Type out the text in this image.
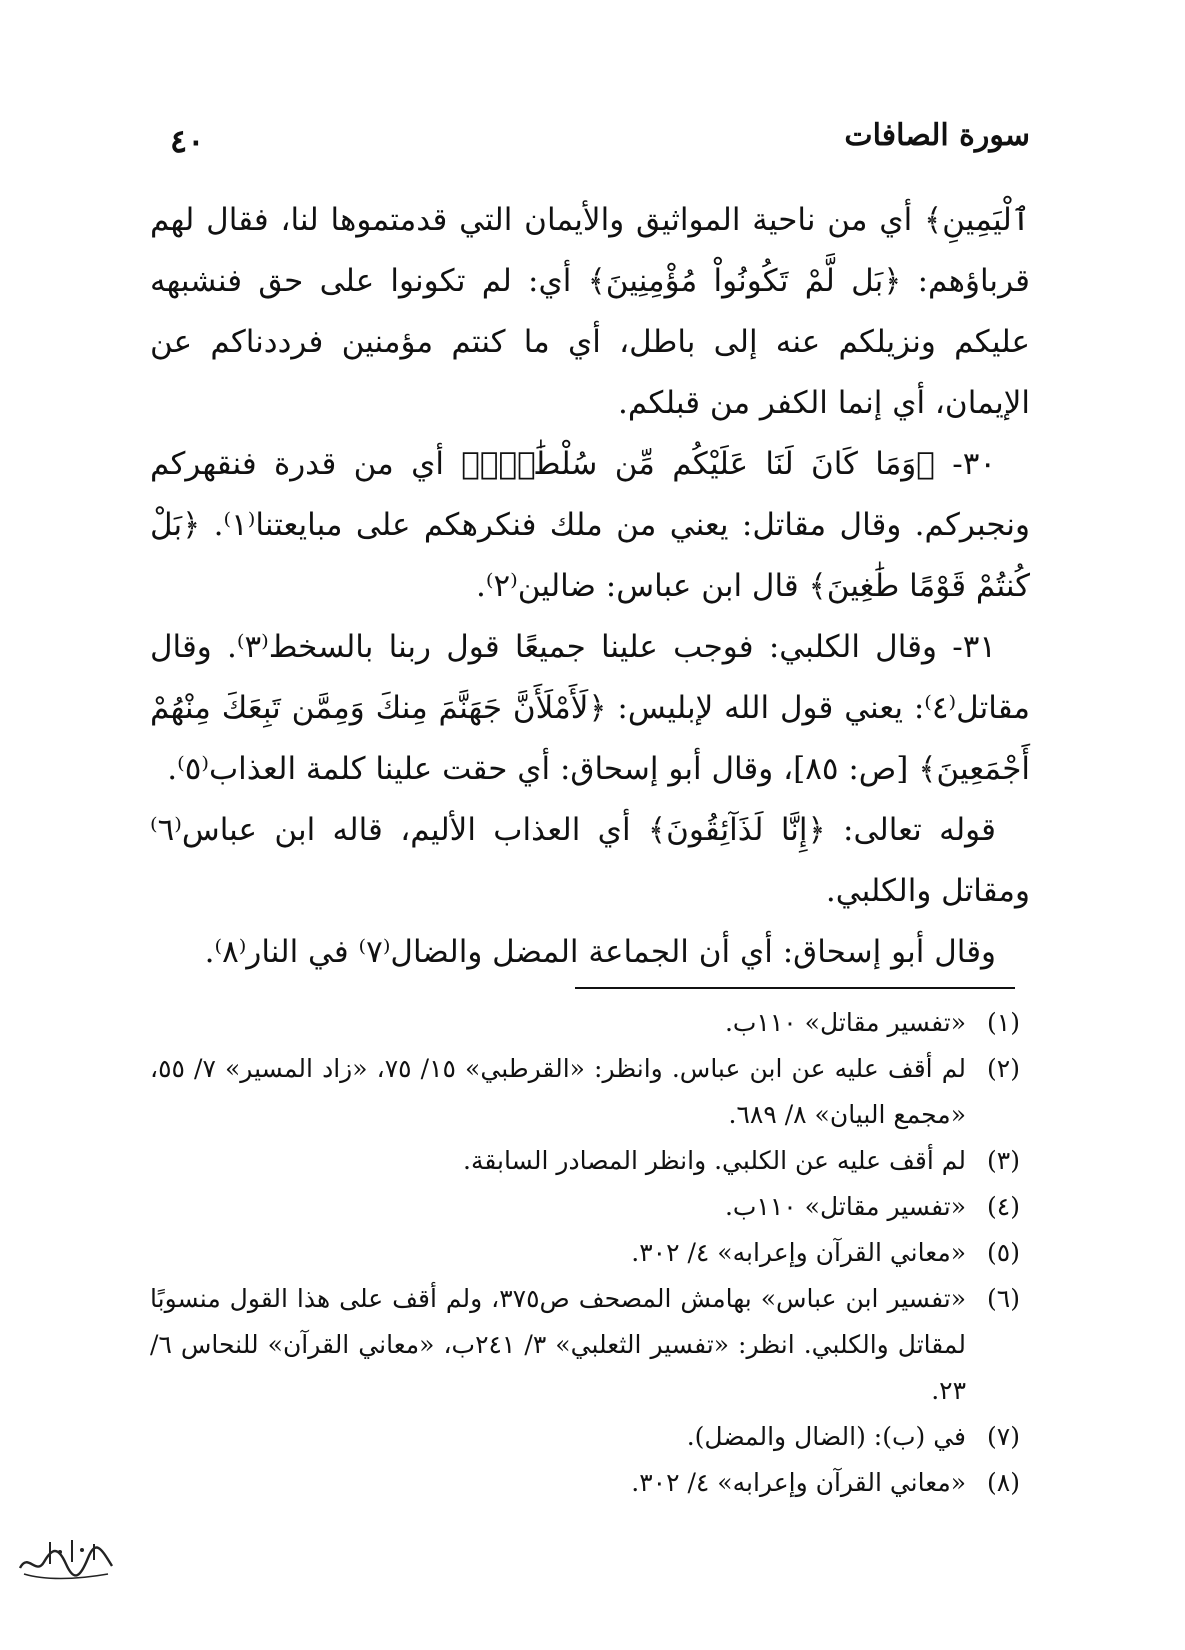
سورة الصافات
٤٠

ٱلْيَمِينِ﴾ أي من ناحية المواثيق والأيمان التي قدمتموها لنا، فقال لهم قرباؤهم: ﴿بَل لَّمْ تَكُونُواْ مُؤْمِنِينَ﴾ أي: لم تكونوا على حق فنشبهه عليكم ونزيلكم عنه إلى باطل، أي ما كنتم مؤمنين فرددناكم عن الإيمان، أي إنما الكفر من قبلكم.

٣٠- ﴿وَمَا كَانَ لَنَا عَلَيْكُم مِّن سُلْطَٰنٍۭ﴾ أي من قدرة فنقهركم ونجبركم. وقال مقاتل: يعني من ملك فنكرهكم على مبايعتنا⁽١⁾. ﴿بَلْ كُنتُمْ قَوْمًا طَٰغِينَ﴾ قال ابن عباس: ضالين⁽٢⁾.

٣١- وقال الكلبي: فوجب علينا جميعًا قول ربنا بالسخط⁽٣⁾. وقال مقاتل⁽٤⁾: يعني قول الله لإبليس: ﴿لَأَمْلَأَنَّ جَهَنَّمَ مِنكَ وَمِمَّن تَبِعَكَ مِنْهُمْ أَجْمَعِينَ﴾ [ص: ٨٥]، وقال أبو إسحاق: أي حقت علينا كلمة العذاب⁽٥⁾.

قوله تعالى: ﴿إِنَّا لَذَآئِقُونَ﴾ أي العذاب الأليم، قاله ابن عباس⁽٦⁾ ومقاتل والكلبي.

وقال أبو إسحاق: أي أن الجماعة المضل والضال⁽٧⁾ في النار⁽٨⁾.

(١)
«تفسير مقاتل» ١١٠ب.
(٢)
لم أقف عليه عن ابن عباس. وانظر: «القرطبي» ١٥/ ٧٥، «زاد المسير» ٧/ ٥٥، «مجمع البيان» ٨/ ٦٨٩.
(٣)
لم أقف عليه عن الكلبي. وانظر المصادر السابقة.
(٤)
«تفسير مقاتل» ١١٠ب.
(٥)
«معاني القرآن وإعرابه» ٤/ ٣٠٢.
(٦)
«تفسير ابن عباس» بهامش المصحف ص٣٧٥، ولم أقف على هذا القول منسوبًا لمقاتل والكلبي. انظر: «تفسير الثعلبي» ٣/ ٢٤١ب، «معاني القرآن» للنحاس ٦/ ٢٣.
(٧)
في (ب): (الضال والمضل).
(٨)
«معاني القرآن وإعرابه» ٤/ ٣٠٢.
